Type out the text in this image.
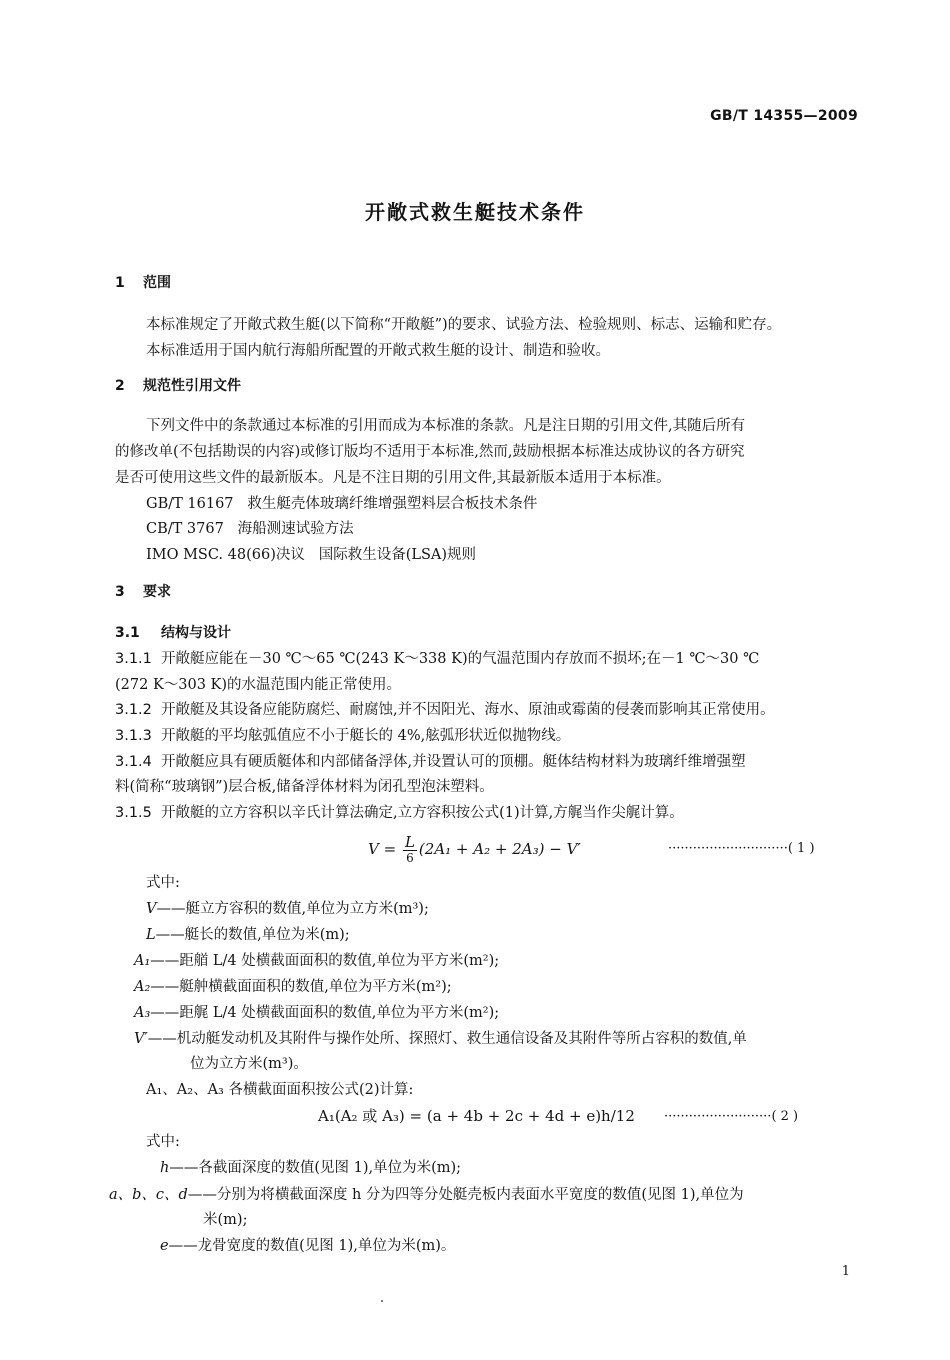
GB/T 14355—2009
开敞式救生艇技术条件
1 范围
本标准规定了开敞式救生艇(以下简称“开敞艇”)的要求、试验方法、检验规则、标志、运输和贮存。
本标准适用于国内航行海船所配置的开敞式救生艇的设计、制造和验收。
2 规范性引用文件
下列文件中的条款通过本标准的引用而成为本标准的条款。凡是注日期的引用文件,其随后所有
的修改单(不包括勘误的内容)或修订版均不适用于本标准,然而,鼓励根据本标准达成协议的各方研究
是否可使用这些文件的最新版本。凡是不注日期的引用文件,其最新版本适用于本标准。
GB/T 16167 救生艇壳体玻璃纤维增强塑料层合板技术条件
CB/T 3767 海船测速试验方法
IMO MSC. 48(66)决议 国际救生设备(LSA)规则
3 要求
3.1 结构与设计
3.1.1 开敞艇应能在－30 ℃～65 ℃(243 K～338 K)的气温范围内存放而不损坏;在－1 ℃～30 ℃
(272 K～303 K)的水温范围内能正常使用。
3.1.2 开敞艇及其设备应能防腐烂、耐腐蚀,并不因阳光、海水、原油或霉菌的侵袭而影响其正常使用。
3.1.3 开敞艇的平均舷弧值应不小于艇长的 4%,舷弧形状近似抛物线。
3.1.4 开敞艇应具有硬质艇体和内部储备浮体,并设置认可的顶棚。艇体结构材料为玻璃纤维增强塑
料(简称“玻璃钢”)层合板,储备浮体材料为闭孔型泡沫塑料。
3.1.5 开敞艇的立方容积以辛氏计算法确定,立方容积按公式(1)计算,方艉当作尖艉计算。
$V = \frac{L}{6} (2A_1 + A_2 + 2A_3) - V'$	·····························( 1 )
式中:
V——艇立方容积的数值,单位为立方米(m³);
L——艇长的数值,单位为米(m);
A₁——距艏 L/4 处横截面面积的数值,单位为平方米(m²);
A₂——艇舯横截面面积的数值,单位为平方米(m²);
A₃——距艉 L/4 处横截面面积的数值,单位为平方米(m²);
V′——机动艇发动机及其附件与操作处所、探照灯、救生通信设备及其附件等所占容积的数值,单
位为立方米(m³)。
A₁、A₂、A₃ 各横截面面积按公式(2)计算:
A₁(A₂ 或 A₃) = (a + 4b + 2c + 4d + e)h/12 ··························( 2 )
式中:
h——各截面深度的数值(见图 1),单位为米(m);
a、b、c、d——分别为将横截面深度 h 分为四等分处艇壳板内表面水平宽度的数值(见图 1),单位为
米(m);
e——龙骨宽度的数值(见图 1),单位为米(m)。
1
